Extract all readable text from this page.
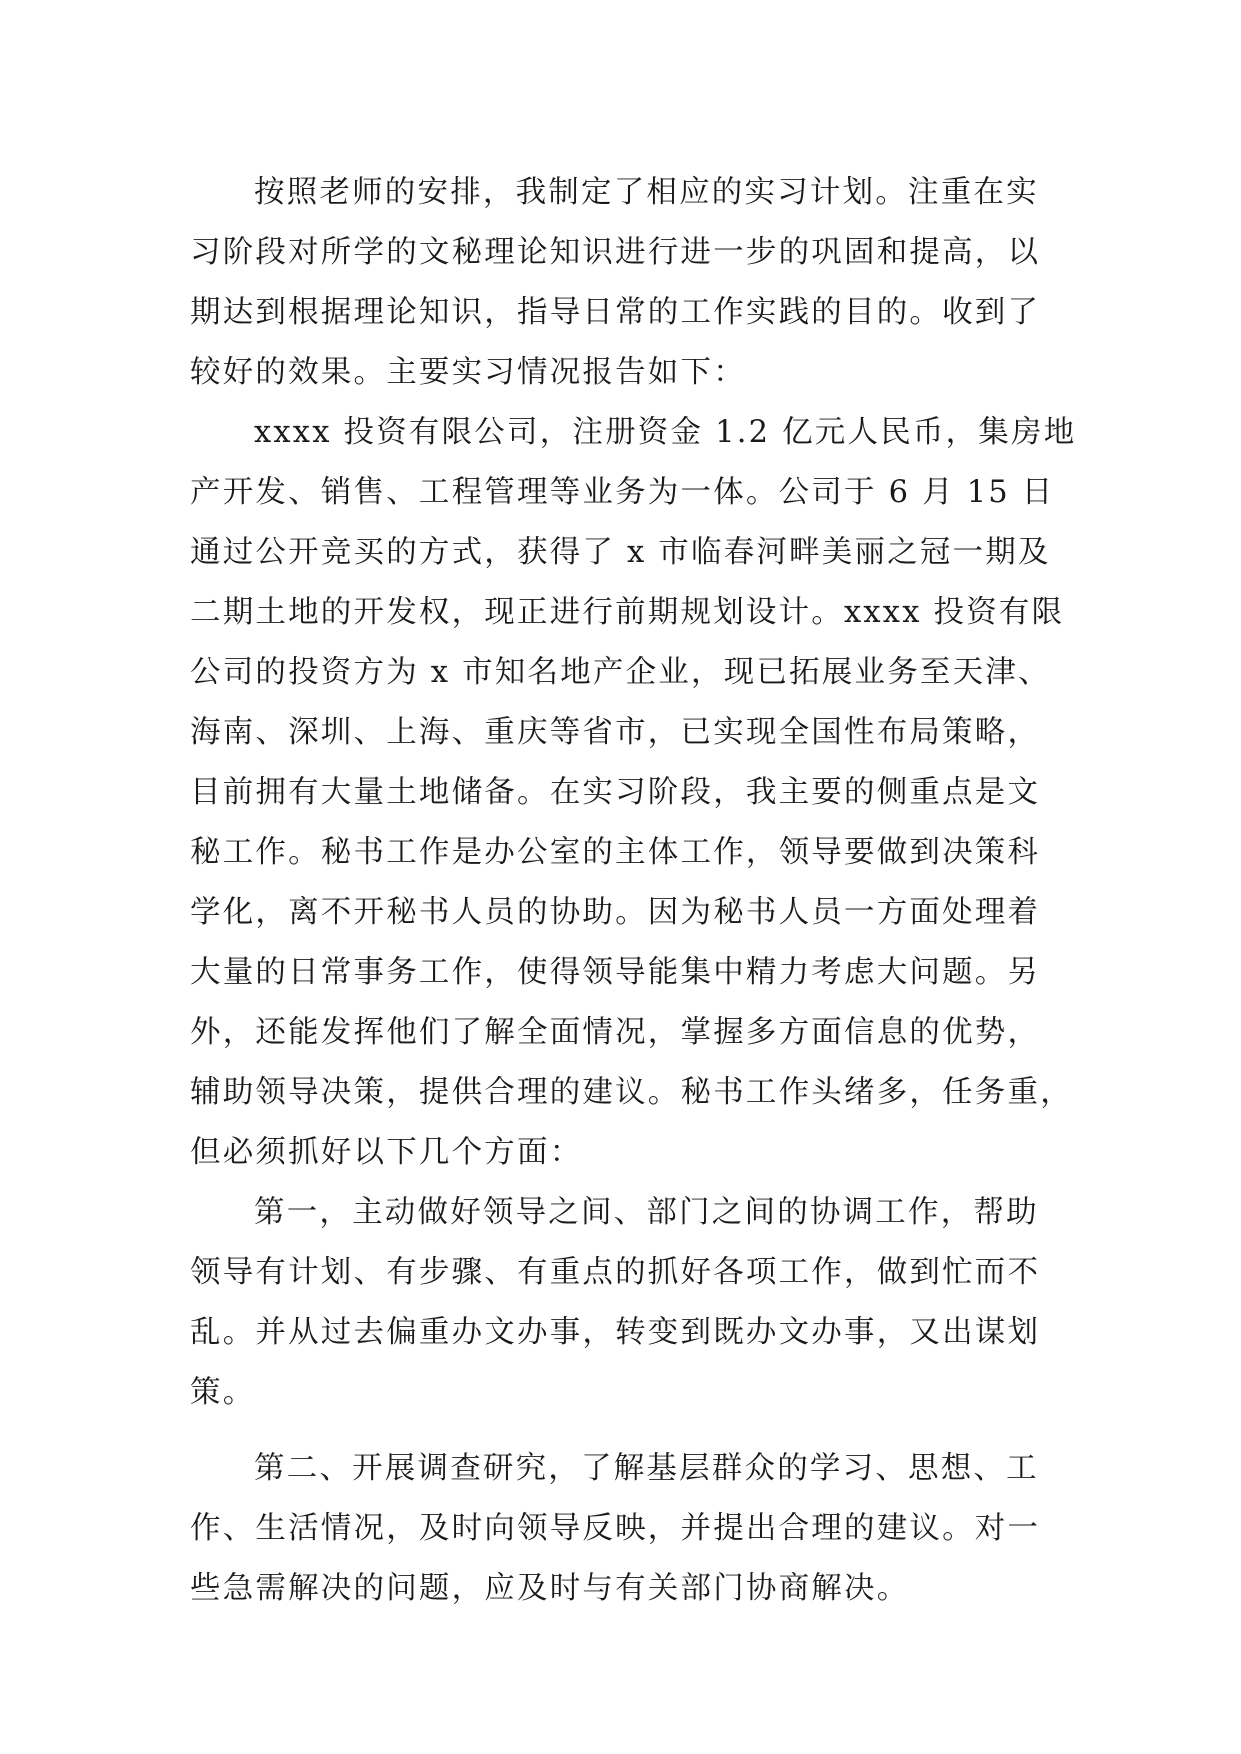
按照老师的安排，我制定了相应的实习计划。注重在实
习阶段对所学的文秘理论知识进行进一步的巩固和提高，以
期达到根据理论知识，指导日常的工作实践的目的。收到了
较好的效果。主要实习情况报告如下：
xxxx 投资有限公司，注册资金 1.2 亿元人民币，集房地
产开发、销售、工程管理等业务为一体。公司于 6 月 15 日
通过公开竞买的方式，获得了 x 市临春河畔美丽之冠一期及
二期土地的开发权，现正进行前期规划设计。xxxx 投资有限
公司的投资方为 x 市知名地产企业，现已拓展业务至天津、
海南、深圳、上海、重庆等省市，已实现全国性布局策略，
目前拥有大量土地储备。在实习阶段，我主要的侧重点是文
秘工作。秘书工作是办公室的主体工作，领导要做到决策科
学化，离不开秘书人员的协助。因为秘书人员一方面处理着
大量的日常事务工作，使得领导能集中精力考虑大问题。另
外，还能发挥他们了解全面情况，掌握多方面信息的优势，
辅助领导决策，提供合理的建议。秘书工作头绪多，任务重，
但必须抓好以下几个方面：
第一，主动做好领导之间、部门之间的协调工作，帮助
领导有计划、有步骤、有重点的抓好各项工作，做到忙而不
乱。并从过去偏重办文办事，转变到既办文办事，又出谋划
策。
第二、开展调查研究，了解基层群众的学习、思想、工
作、生活情况，及时向领导反映，并提出合理的建议。对一
些急需解决的问题，应及时与有关部门协商解决。
